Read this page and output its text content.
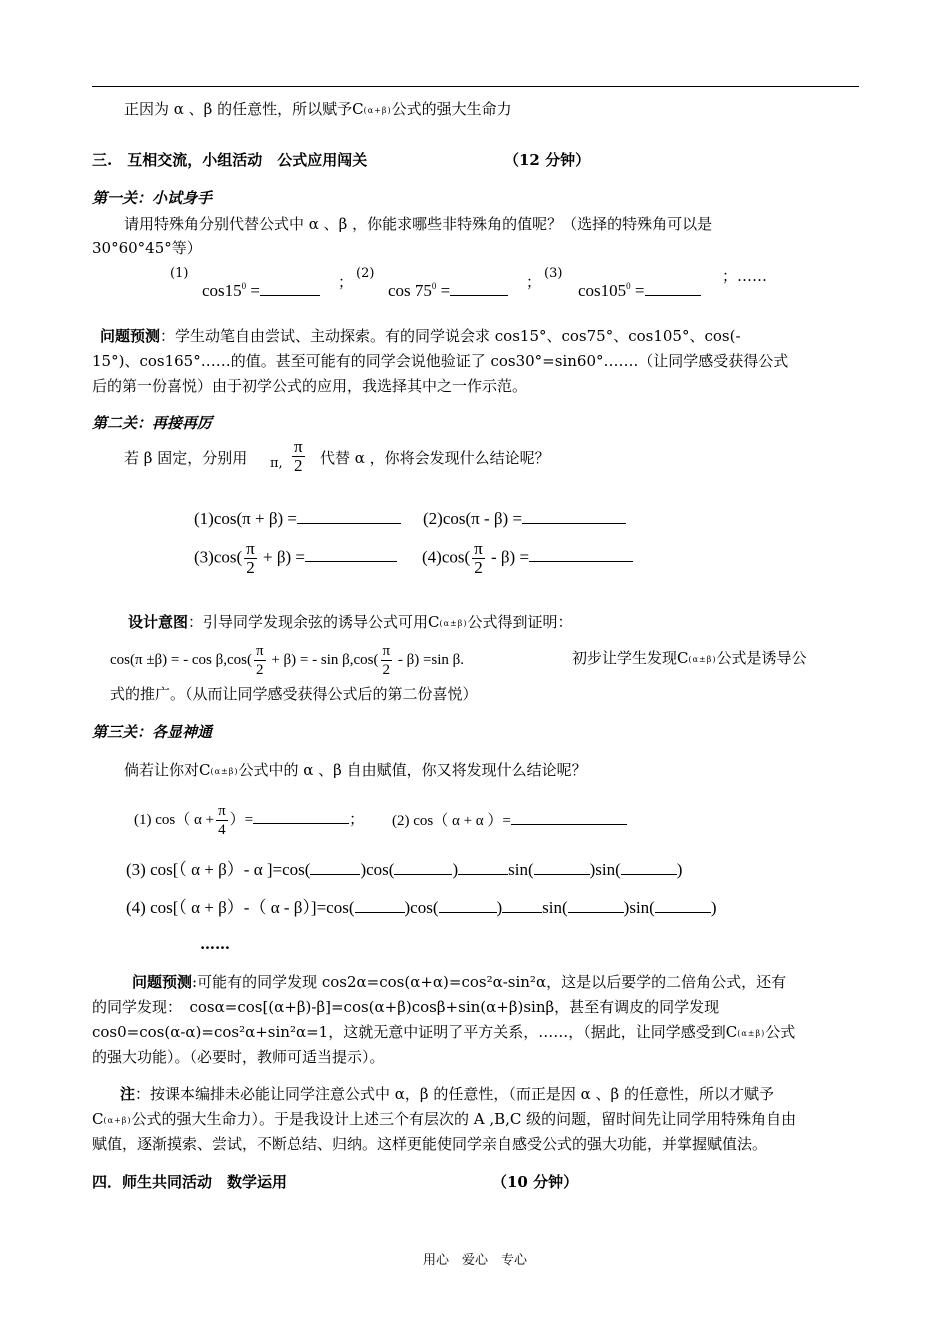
正因为 α 、β 的任意性，所以赋予C(α+β)公式的强大生命力
三.　互相交流，小组活动　公式应用闯关	（12 分钟）
第一关：小试身手
请用特殊角分别代替公式中 α 、β ，你能求哪些非特殊角的值呢？（选择的特殊角可以是
30°60°45°等）
(1)
$\cos 15^0$ =	； (2)
$\cos 75^0$ =	； (3)
$\cos 105^0$ =
；……
问题预测：学生动笔自由尝试、主动探索。有的同学说会求 cos15°、cos75°、cos105°、cos(-
15°)、cos165°……的值。甚至可能有的同学会说他验证了 cos30°=sin60°…….（让同学感受获得公式
后的第一份喜悦）由于初学公式的应用，我选择其中之一作示范。
第二关：再接再厉
若 β 固定，分别用 π, $\frac{\pi}{2}$ 代替 α ，你将会发现什么结论呢？
(1)cos(π + β) =	(2)cos(π - β) =
$(3)\cos( \frac{\pi}{2} + \beta)$ =	$(4)\cos( \frac{\pi}{2} - \beta)$ =
设计意图：引导同学发现余弦的诱导公式可用C(α±β)公式得到证明：
cos(π ±β) = - $\cos \beta,\cos( \frac{\pi}{2} + \beta)$ = - $\sin \beta,\cos( \frac{\pi}{2} - \beta) =\sin$ β.	初步让学生发现C(α±β)公式是诱导公
式的推广。（从而让同学感受获得公式后的第二份喜悦）
第三关：各显神通
倘若让你对C(α±β)公式中的 α 、β 自由赋值，你又将发现什么结论呢？
(1) cos（ $\alpha + \frac{\pi}{4}$ ）=	； (2) cos（ α + α ）=
(3) cos[（ α + β）- α ]=cos(	)cos(	)	sin(	)sin(	)
(4) cos[（ α + β）-（ α - β）]=cos(	)cos(	) sin(	)sin(	)
……
问题预测:可能有的同学发现 cos2α=cos(α+α)=cos²α-sin²α，这是以后要学的二倍角公式，还有
的同学发现：　cosα=cos[(α+β)-β]=cos(α+β)cosβ+sin(α+β)sinβ，甚至有调皮的同学发现
cos0=cos(α-α)=cos²α+sin²α=1，这就无意中证明了平方关系，……，（据此，让同学感受到C(α±β)公式
的强大功能）。（必要时，教师可适当提示）。
注：按课本编排未必能让同学注意公式中 α，β 的任意性，（而正是因 α 、β 的任意性，所以才赋予
C(α+β)公式的强大生命力）。于是我设计上述三个有层次的 A ,B,C 级的问题，留时间先让同学用特殊角自由
赋值，逐渐摸索、尝试，不断总结、归纳。这样更能使同学亲自感受公式的强大功能，并掌握赋值法。
四．师生共同活动　数学运用	（10 分钟）
用心　爱心　专心
